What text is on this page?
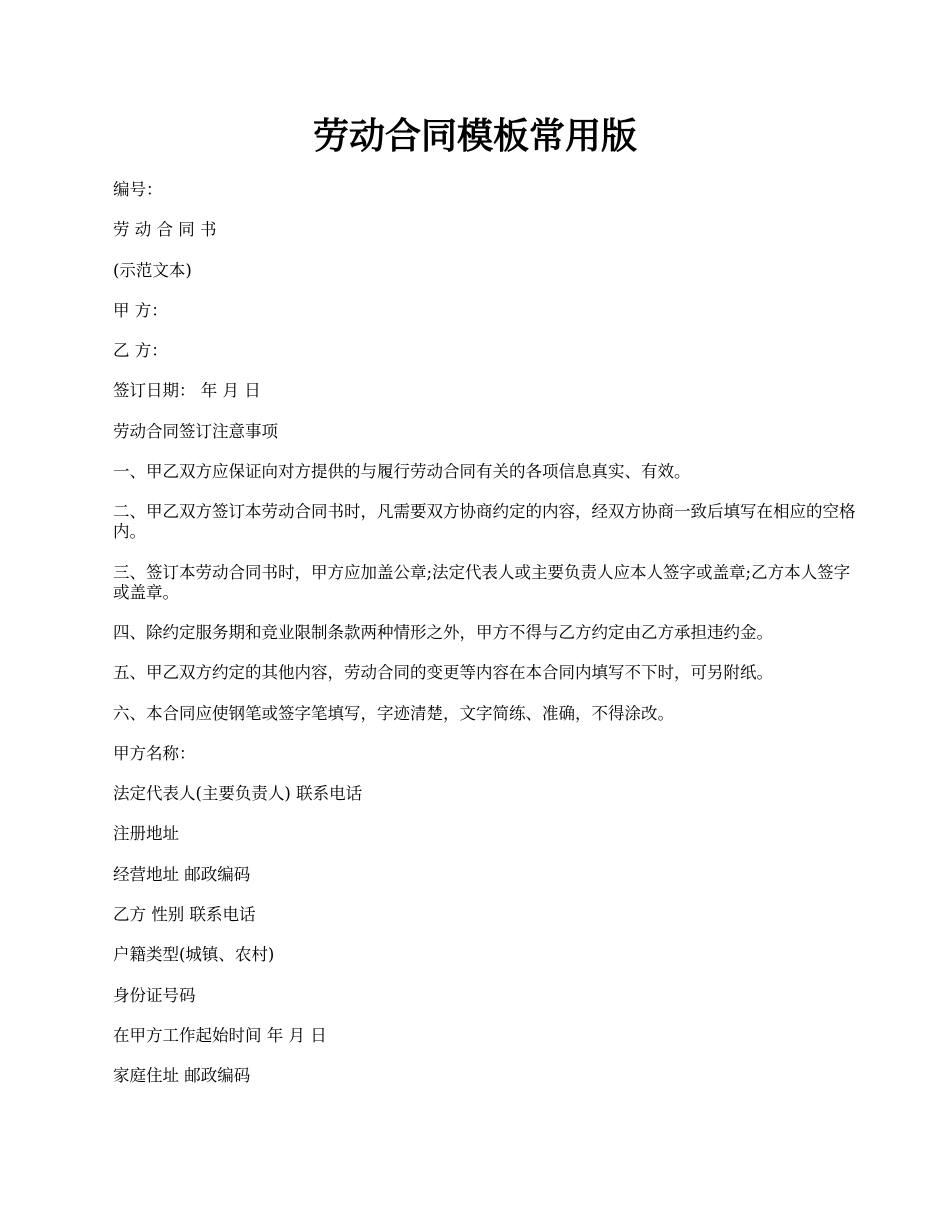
劳动合同模板常用版

编号：

劳 动 合 同 书

(示范文本)

甲 方：

乙 方：

签订日期： 年 月 日

劳动合同签订注意事项

一、甲乙双方应保证向对方提供的与履行劳动合同有关的各项信息真实、有效。

二、甲乙双方签订本劳动合同书时，凡需要双方协商约定的内容，经双方协商一致后填写在相应的空格内。

三、签订本劳动合同书时，甲方应加盖公章;法定代表人或主要负责人应本人签字或盖章;乙方本人签字或盖章。

四、除约定服务期和竞业限制条款两种情形之外，甲方不得与乙方约定由乙方承担违约金。

五、甲乙双方约定的其他内容，劳动合同的变更等内容在本合同内填写不下时，可另附纸。

六、本合同应使钢笔或签字笔填写，字迹清楚，文字简练、准确，不得涂改。

甲方名称：

法定代表人(主要负责人) 联系电话

注册地址

经营地址 邮政编码

乙方 性别 联系电话

户籍类型(城镇、农村)

身份证号码

在甲方工作起始时间 年 月 日

家庭住址 邮政编码
